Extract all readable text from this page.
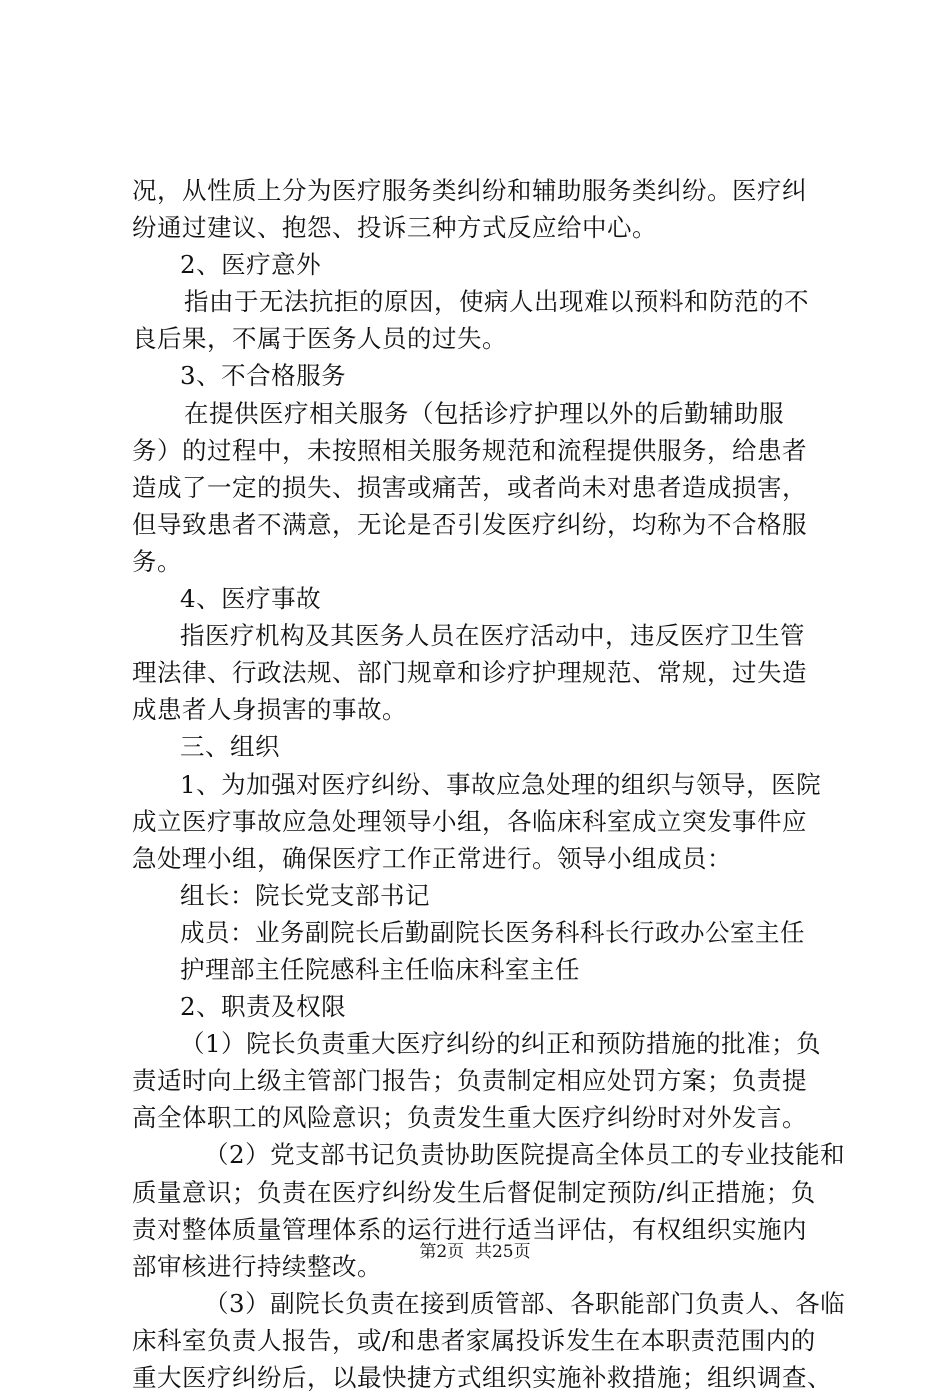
况，从性质上分为医疗服务类纠纷和辅助服务类纠纷。医疗纠
纷通过建议、抱怨、投诉三种方式反应给中心。
2、医疗意外
指由于无法抗拒的原因，使病人出现难以预料和防范的不
良后果，不属于医务人员的过失。
3、不合格服务
在提供医疗相关服务（包括诊疗护理以外的后勤辅助服
务）的过程中，未按照相关服务规范和流程提供服务，给患者
造成了一定的损失、损害或痛苦，或者尚未对患者造成损害，
但导致患者不满意，无论是否引发医疗纠纷，均称为不合格服
务。
4、医疗事故
指医疗机构及其医务人员在医疗活动中，违反医疗卫生管
理法律、行政法规、部门规章和诊疗护理规范、常规，过失造
成患者人身损害的事故。
三、组织
1、为加强对医疗纠纷、事故应急处理的组织与领导，医院
成立医疗事故应急处理领导小组，各临床科室成立突发事件应
急处理小组，确保医疗工作正常进行。领导小组成员：
组长：院长党支部书记
成员：业务副院长后勤副院长医务科科长行政办公室主任
护理部主任院感科主任临床科室主任
2、职责及权限
（1）院长负责重大医疗纠纷的纠正和预防措施的批准；负
责适时向上级主管部门报告；负责制定相应处罚方案；负责提
高全体职工的风险意识；负责发生重大医疗纠纷时对外发言。
（2）党支部书记负责协助医院提高全体员工的专业技能和
质量意识；负责在医疗纠纷发生后督促制定预防/纠正措施；负
责对整体质量管理体系的运行进行适当评估，有权组织实施内
部审核进行持续整改。
（3）副院长负责在接到质管部、各职能部门负责人、各临
床科室负责人报告，或/和患者家属投诉发生在本职责范围内的
重大医疗纠纷后，以最快捷方式组织实施补救措施；组织调查、
第2页  共25页
